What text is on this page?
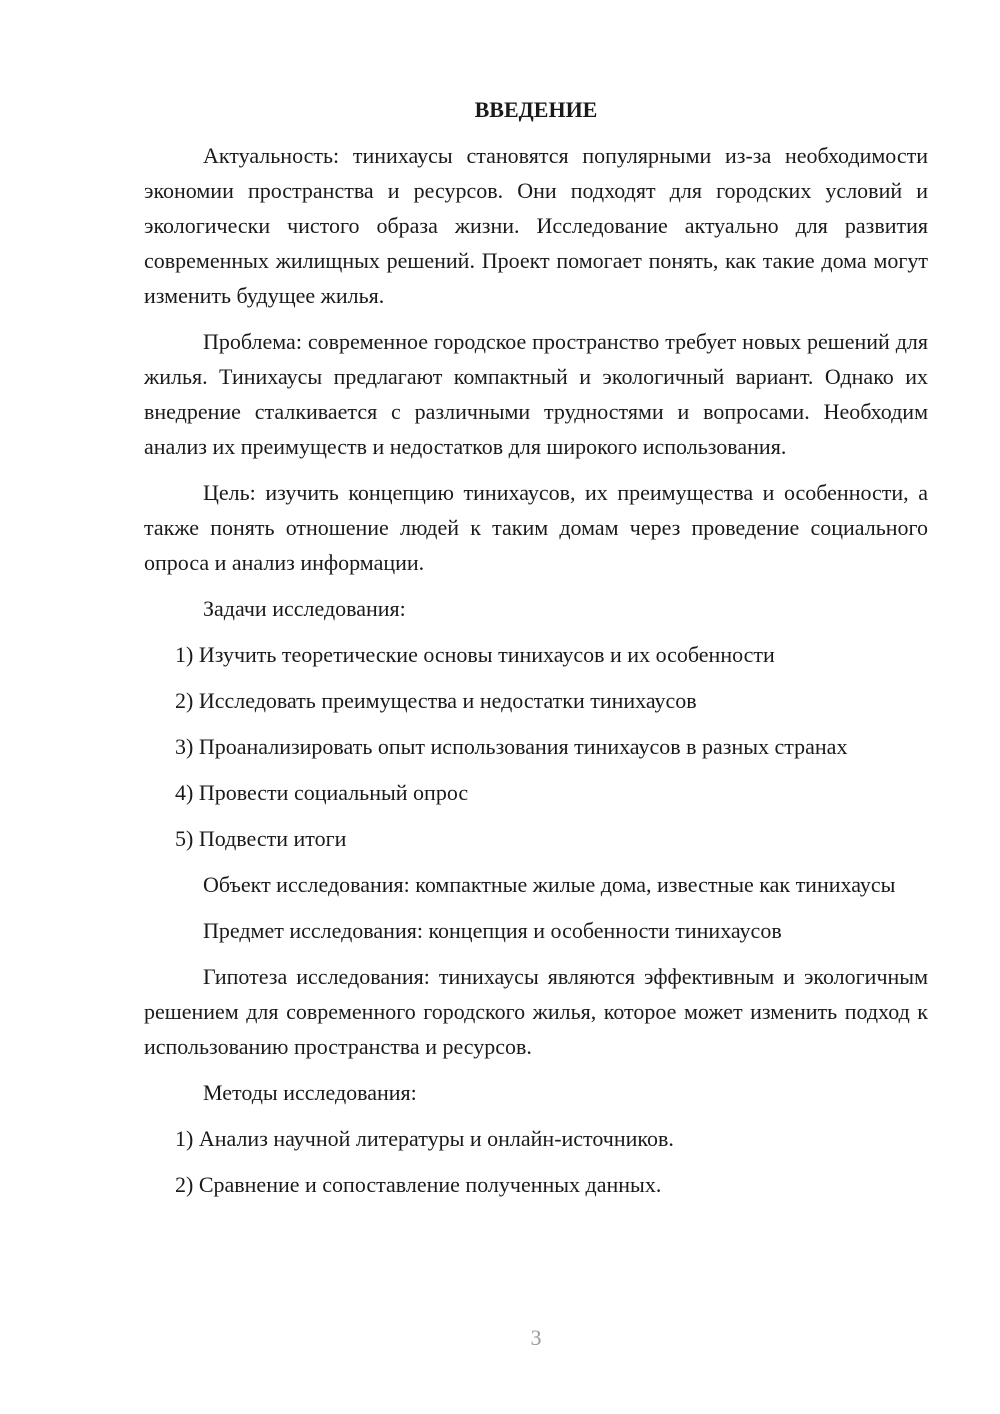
ВВЕДЕНИЕ

Актуальность: тинихаусы становятся популярными из-за необходимости экономии пространства и ресурсов. Они подходят для городских условий и экологически чистого образа жизни. Исследование актуально для развития современных жилищных решений. Проект помогает понять, как такие дома могут изменить будущее жилья.

Проблема: современное городское пространство требует новых решений для жилья. Тинихаусы предлагают компактный и экологичный вариант. Однако их внедрение сталкивается с различными трудностями и вопросами. Необходим анализ их преимуществ и недостатков для широкого использования.

Цель: изучить концепцию тинихаусов, их преимущества и особенности, а также понять отношение людей к таким домам через проведение социального опроса и анализ информации.

Задачи исследования:

1) Изучить теоретические основы тинихаусов и их особенности

2) Исследовать преимущества и недостатки тинихаусов

3) Проанализировать опыт использования тинихаусов в разных странах

4) Провести социальный опрос

5) Подвести итоги

Объект исследования: компактные жилые дома, известные как тинихаусы

Предмет исследования: концепция и особенности тинихаусов

Гипотеза исследования: тинихаусы являются эффективным и экологичным решением для современного городского жилья, которое может изменить подход к использованию пространства и ресурсов.

Методы исследования:

1) Анализ научной литературы и онлайн-источников.

2) Сравнение и сопоставление полученных данных.

3
